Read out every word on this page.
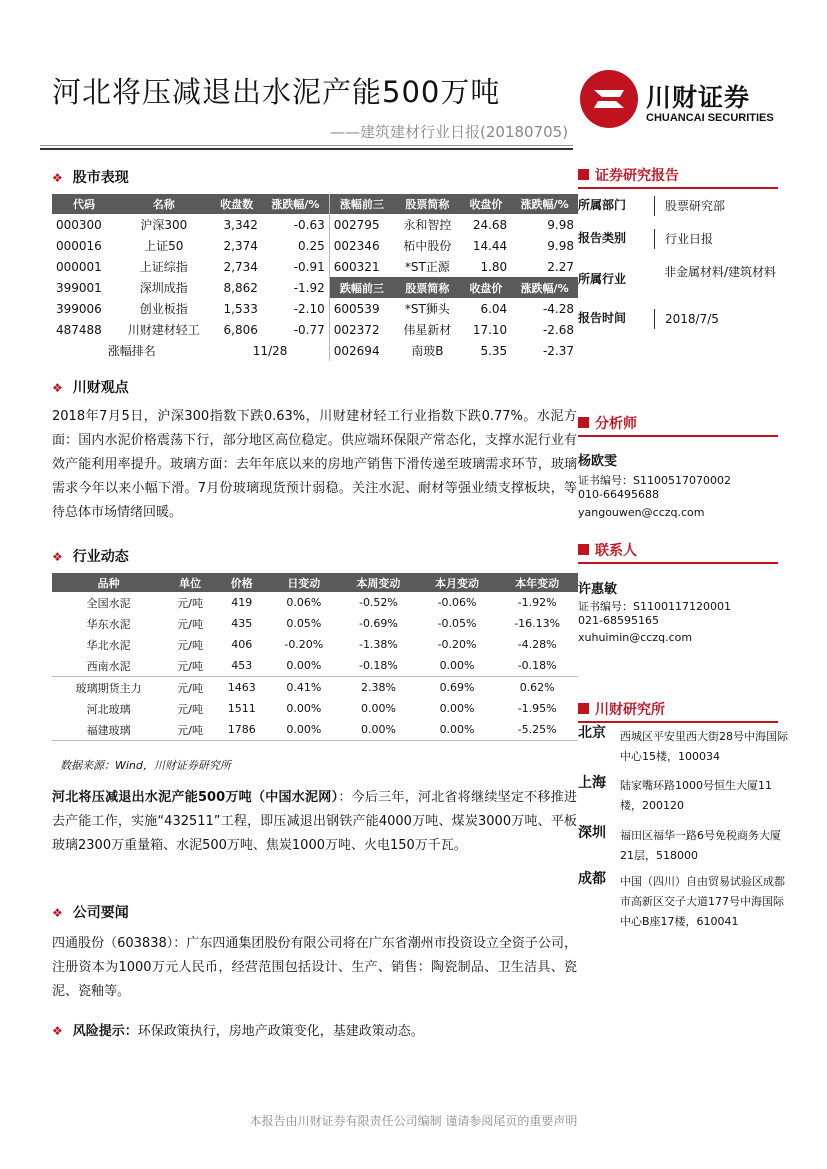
河北将压减退出水泥产能500万吨	川财证券
CHUANCAI SECURITIES
——建筑建材行业日报(20180705)
❖ 股市表现
代码	名称	收盘数	涨跌幅/%	涨幅前三	股票简称	收盘价	涨跌幅/%
000300	沪深300	3,342	-0.63	002795	永和智控	24.68	9.98
000016	上证50	2,374	0.25	002346	柘中股份	14.44	9.98
000001	上证综指	2,734	-0.91	600321	*ST正源	1.80	2.27
399001	深圳成指	8,862	-1.92	跌幅前三	股票简称	收盘价	涨跌幅/%
399006	创业板指	1,533	-2.10	600539	*ST狮头	6.04	-4.28
487488	川财建材轻工	6,806	-0.77	002372	伟星新材	17.10	-2.68
涨幅排名		11/28		002694	南玻B	5.35	-2.37
❖ 川财观点
2018年7月5日，沪深300指数下跌0.63%，川财建材轻工行业指数下跌0.77%。水泥方面：国内水泥价格震荡下行，部分地区高位稳定。供应端环保限产常态化，支撑水泥行业有效产能利用率提升。玻璃方面：去年年底以来的房地产销售下滑传递至玻璃需求环节，玻璃需求今年以来小幅下滑。7月份玻璃现货预计弱稳。关注水泥、耐材等强业绩支撑板块，等待总体市场情绪回暖。
❖ 行业动态
品种	单位	价格	日变动	本周变动	本月变动	本年变动
全国水泥	元/吨	419	0.06%	-0.52%	-0.06%	-1.92%
华东水泥	元/吨	435	0.05%	-0.69%	-0.05%	-16.13%
华北水泥	元/吨	406	-0.20%	-1.38%	-0.20%	-4.28%
西南水泥	元/吨	453	0.00%	-0.18%	0.00%	-0.18%
玻璃期货主力	元/吨	1463	0.41%	2.38%	0.69%	0.62%
河北玻璃	元/吨	1511	0.00%	0.00%	0.00%	-1.95%
福建玻璃	元/吨	1786	0.00%	0.00%	0.00%	-5.25%
数据来源：Wind，川财证券研究所
河北将压减退出水泥产能500万吨（中国水泥网）：今后三年，河北省将继续坚定不移推进去产能工作，实施“432511”工程，即压减退出钢铁产能4000万吨、煤炭3000万吨、平板玻璃2300万重量箱、水泥500万吨、焦炭1000万吨、火电150万千瓦。
❖ 公司要闻
四通股份（603838）：广东四通集团股份有限公司将在广东省潮州市投资设立全资子公司，注册资本为1000万元人民币，经营范围包括设计、生产、销售：陶瓷制品、卫生洁具、瓷泥、瓷釉等。
❖ 风险提示：环保政策执行，房地产政策变化，基建政策动态。
证券研究报告
所属部门	股票研究部
报告类别	行业日报
所属行业	非金属材料/建筑材料
报告时间	2018/7/5
分析师
杨欧雯
证书编号：S1100517070002
010-66495688
yangouwen@cczq.com
联系人
许惠敏
证书编号：S1100117120001
021-68595165
xuhuimin@cczq.com
川财研究所
北京 西城区平安里西大街28号中海国际中心15楼，100034
上海 陆家嘴环路1000号恒生大厦11楼，200120
深圳 福田区福华一路6号免税商务大厦21层，518000
成都 中国（四川）自由贸易试验区成都市高新区交子大道177号中海国际中心B座17楼，610041
本报告由川财证券有限责任公司编制 谨请参阅尾页的重要声明
